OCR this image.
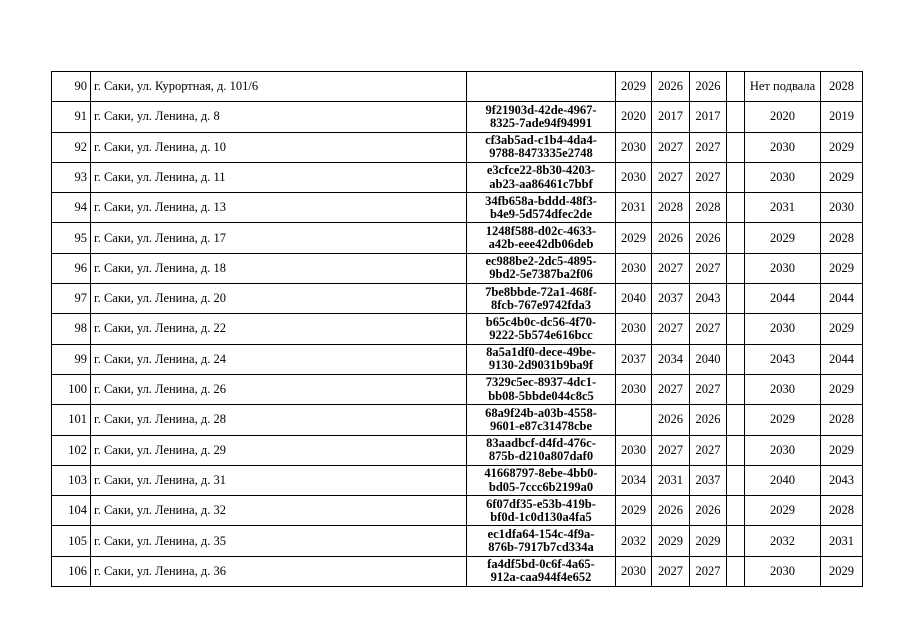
90	г. Саки, ул. Курортная, д. 101/6		2029	2026	2026		Нет подвала	2028
91	г. Саки, ул. Ленина, д. 8	9f21903d-42de-4967-
8325-7ade94f94991	2020	2017	2017		2020	2019
92	г. Саки, ул. Ленина, д. 10	cf3ab5ad-c1b4-4da4-
9788-8473335e2748	2030	2027	2027		2030	2029
93	г. Саки, ул. Ленина, д. 11	e3cfce22-8b30-4203-
ab23-aa86461c7bbf	2030	2027	2027		2030	2029
94	г. Саки, ул. Ленина, д. 13	34fb658a-bddd-48f3-
b4e9-5d574dfec2de	2031	2028	2028		2031	2030
95	г. Саки, ул. Ленина, д. 17	1248f588-d02c-4633-
a42b-eee42db06deb	2029	2026	2026		2029	2028
96	г. Саки, ул. Ленина, д. 18	ec988be2-2dc5-4895-
9bd2-5e7387ba2f06	2030	2027	2027		2030	2029
97	г. Саки, ул. Ленина, д. 20	7be8bbde-72a1-468f-
8fcb-767e9742fda3	2040	2037	2043		2044	2044
98	г. Саки, ул. Ленина, д. 22	b65c4b0c-dc56-4f70-
9222-5b574e616bcc	2030	2027	2027		2030	2029
99	г. Саки, ул. Ленина, д. 24	8a5a1df0-dece-49be-
9130-2d9031b9ba9f	2037	2034	2040		2043	2044
100	г. Саки, ул. Ленина, д. 26	7329c5ec-8937-4dc1-
bb08-5bbde044c8c5	2030	2027	2027		2030	2029
101	г. Саки, ул. Ленина, д. 28	68a9f24b-a03b-4558-
9601-e87c31478cbe		2026	2026		2029	2028
102	г. Саки, ул. Ленина, д. 29	83aadbcf-d4fd-476c-
875b-d210a807daf0	2030	2027	2027		2030	2029
103	г. Саки, ул. Ленина, д. 31	41668797-8ebe-4bb0-
bd05-7ccc6b2199a0	2034	2031	2037		2040	2043
104	г. Саки, ул. Ленина, д. 32	6f07df35-e53b-419b-
bf0d-1c0d130a4fa5	2029	2026	2026		2029	2028
105	г. Саки, ул. Ленина, д. 35	ec1dfa64-154c-4f9a-
876b-7917b7cd334a	2032	2029	2029		2032	2031
106	г. Саки, ул. Ленина, д. 36	fa4df5bd-0c6f-4a65-
912a-caa944f4e652	2030	2027	2027		2030	2029
